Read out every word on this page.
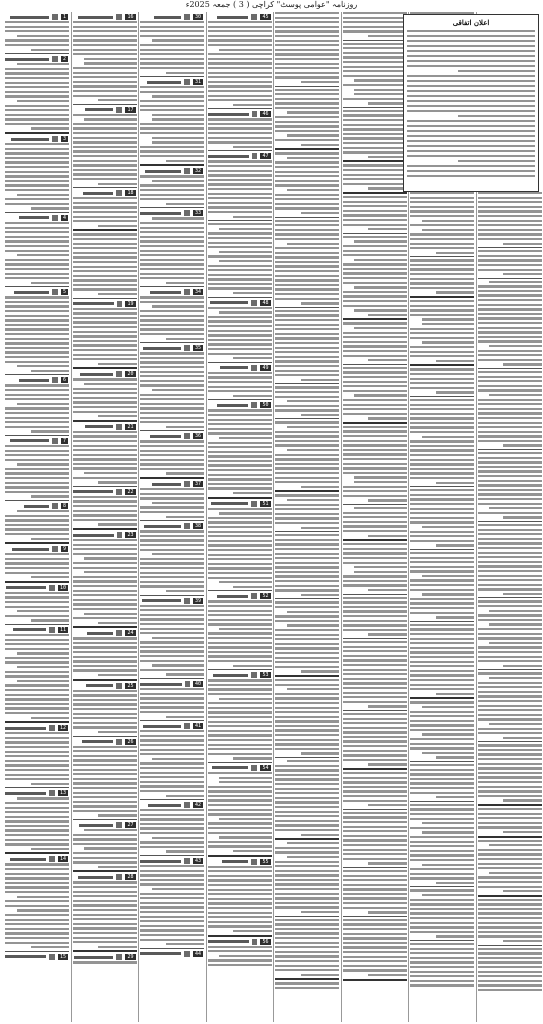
روزنامہ "عوامی پوسٹ" کراچی ( 3 ) جمعہ 2025ء
1
2
3
4
5
6
7
8
9
10
11
12
13
14
15
16
17
18
19
20
21
22
23
24
25
26
27
28
29
30
31
32
33
34
35
36
37
38
39
40
41
42
43
44
45
46
47
48
49
50
51
52
53
54
55
56
اعلان اتفاقی
